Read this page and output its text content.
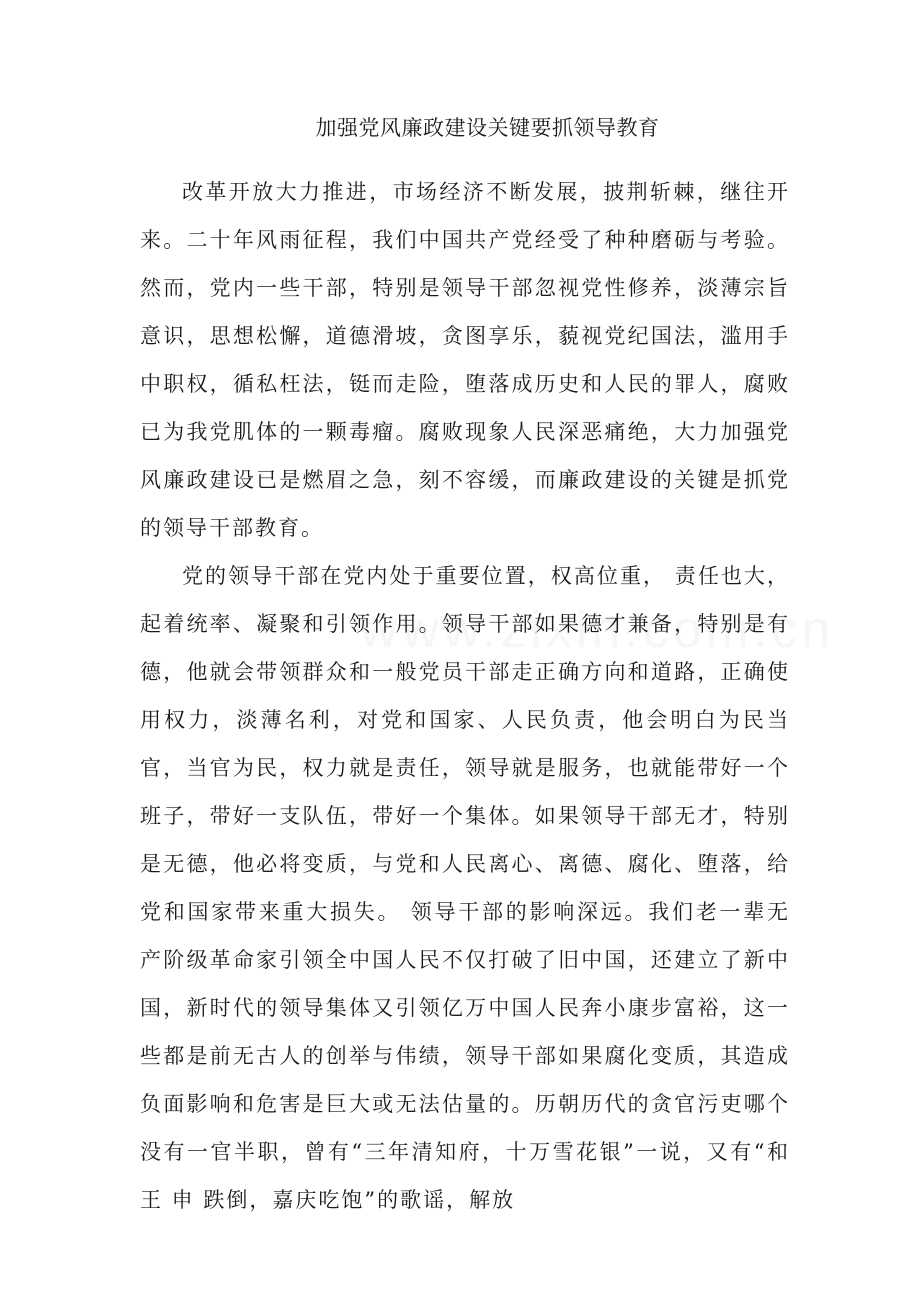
加强党风廉政建设关键要抓领导教育

改革开放大力推进，市场经济不断发展，披荆斩棘，继往开来。二十年风雨征程，我们中国共产党经受了种种磨砺与考验。然而，党内一些干部，特别是领导干部忽视党性修养，淡薄宗旨意识，思想松懈，道德滑坡，贪图享乐，藐视党纪国法，滥用手中职权，循私枉法，铤而走险，堕落成历史和人民的罪人，腐败已为我党肌体的一颗毒瘤。腐败现象人民深恶痛绝，大力加强党风廉政建设已是燃眉之急，刻不容缓，而廉政建设的关键是抓党的领导干部教育。

党的领导干部在党内处于重要位置，权高位重， 责任也大，起着统率、凝聚和引领作用。领导干部如果德才兼备，特别是有德，他就会带领群众和一般党员干部走正确方向和道路，正确使用权力，淡薄名利，对党和国家、人民负责，他会明白为民当官，当官为民，权力就是责任，领导就是服务，也就能带好一个班子，带好一支队伍，带好一个集体。如果领导干部无才，特别是无德，他必将变质，与党和人民离心、离德、腐化、堕落，给党和国家带来重大损失。 领导干部的影响深远。我们老一辈无产阶级革命家引领全中国人民不仅打破了旧中国，还建立了新中国，新时代的领导集体又引领亿万中国人民奔小康步富裕，这一些都是前无古人的创举与伟绩，领导干部如果腐化变质，其造成负面影响和危害是巨大或无法估量的。历朝历代的贪官污吏哪个没有一官半职，曾有“三年清知府，十万雪花银”一说，又有“和王 申 跌倒，嘉庆吃饱”的歌谣，解放
